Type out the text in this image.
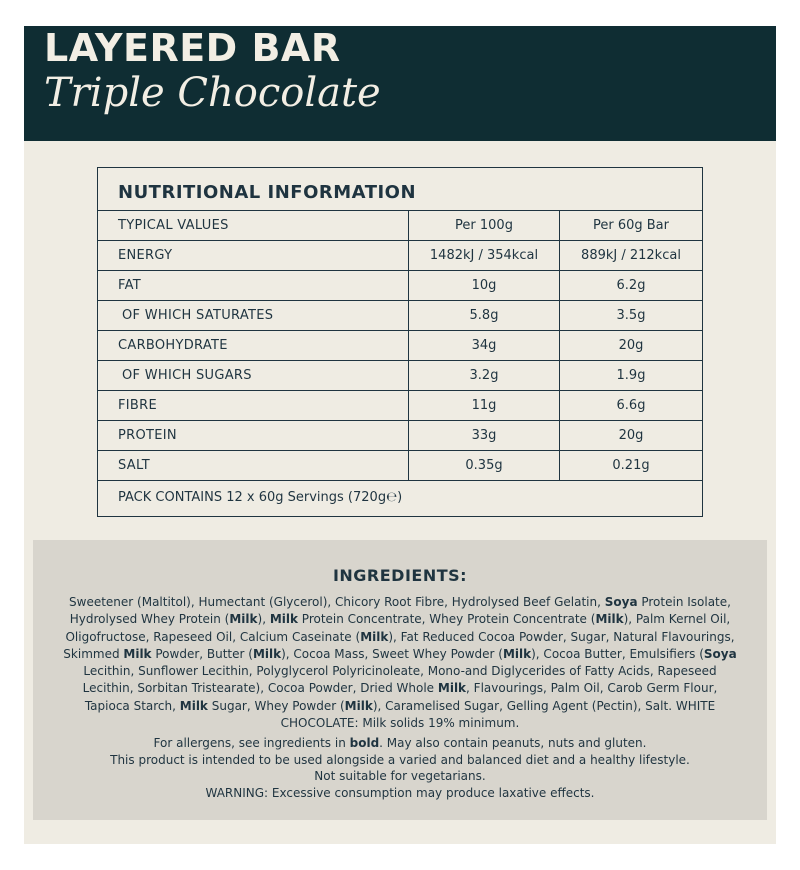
LAYERED BAR
Triple Chocolate
NUTRITIONAL INFORMATION
TYPICAL VALUES	Per 100g	Per 60g Bar
ENERGY	1482kJ / 354kcal	889kJ / 212kcal
FAT	10g	6.2g
OF WHICH SATURATES	5.8g	3.5g
CARBOHYDRATE	34g	20g
OF WHICH SUGARS	3.2g	1.9g
FIBRE	11g	6.6g
PROTEIN	33g	20g
SALT	0.35g	0.21g
PACK CONTAINS 12 x 60g Servings (720g℮)
INGREDIENTS:
Sweetener (Maltitol), Humectant (Glycerol), Chicory Root Fibre, Hydrolysed Beef Gelatin, Soya Protein Isolate, Hydrolysed Whey Protein (Milk), Milk Protein Concentrate, Whey Protein Concentrate (Milk), Palm Kernel Oil, Oligofructose, Rapeseed Oil, Calcium Caseinate (Milk), Fat Reduced Cocoa Powder, Sugar, Natural Flavourings, Skimmed Milk Powder, Butter (Milk), Cocoa Mass, Sweet Whey Powder (Milk), Cocoa Butter, Emulsifiers (Soya Lecithin, Sunflower Lecithin, Polyglycerol Polyricinoleate, Mono-and Diglycerides of Fatty Acids, Rapeseed Lecithin, Sorbitan Tristearate), Cocoa Powder, Dried Whole Milk, Flavourings, Palm Oil, Carob Germ Flour, Tapioca Starch, Milk Sugar, Whey Powder (Milk), Caramelised Sugar, Gelling Agent (Pectin), Salt. WHITE CHOCOLATE: Milk solids 19% minimum.
For allergens, see ingredients in bold. May also contain peanuts, nuts and gluten.
This product is intended to be used alongside a varied and balanced diet and a healthy lifestyle.
Not suitable for vegetarians.
WARNING: Excessive consumption may produce laxative effects.
